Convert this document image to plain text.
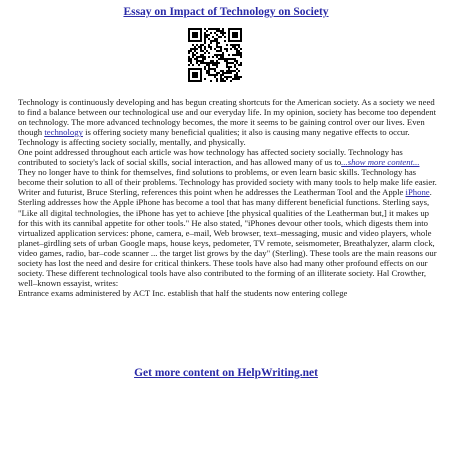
Essay on Impact of Technology on Society

Technology is continuously developing and has begun creating shortcuts for the American society. As a society we need to find a balance between our technological use and our everyday life. In my opinion, society has become too dependent on technology. The more advanced technology becomes, the more it seems to be gaining control over our lives. Even though technology is offering society many beneficial qualities; it also is causing many negative effects to occur. Technology is affecting society socially, mentally, and physically.

One point addressed throughout each article was how technology has affected society socially. Technology has contributed to society's lack of social skills, social interaction, and has allowed many of us to...show more content...

They no longer have to think for themselves, find solutions to problems, or even learn basic skills. Technology has become their solution to all of their problems. Technology has provided society with many tools to help make life easier. Writer and futurist, Bruce Sterling, references this point when he addresses the Leatherman Tool and the Apple iPhone. Sterling addresses how the Apple iPhone has become a tool that has many different beneficial functions. Sterling says, "Like all digital technologies, the iPhone has yet to achieve [the physical qualities of the Leatherman but,] it makes up for this with its cannibal appetite for other tools." He also stated, "iPhones devour other tools, which digests them into virtualized application services: phone, camera, e–mail, Web browser, text–messaging, music and video players, whole planet–girdling sets of urban Google maps, house keys, pedometer, TV remote, seismometer, Breathalyzer, alarm clock, video games, radio, bar–code scanner ... the target list grows by the day" (Sterling). These tools are the main reasons our society has lost the need and desire for critical thinkers. These tools have also had many other profound effects on our society. These different technological tools have also contributed to the forming of an illiterate society. Hal Crowther, well–known essayist, writes:

Entrance exams administered by ACT Inc. establish that half the students now entering college

Get more content on HelpWriting.net
